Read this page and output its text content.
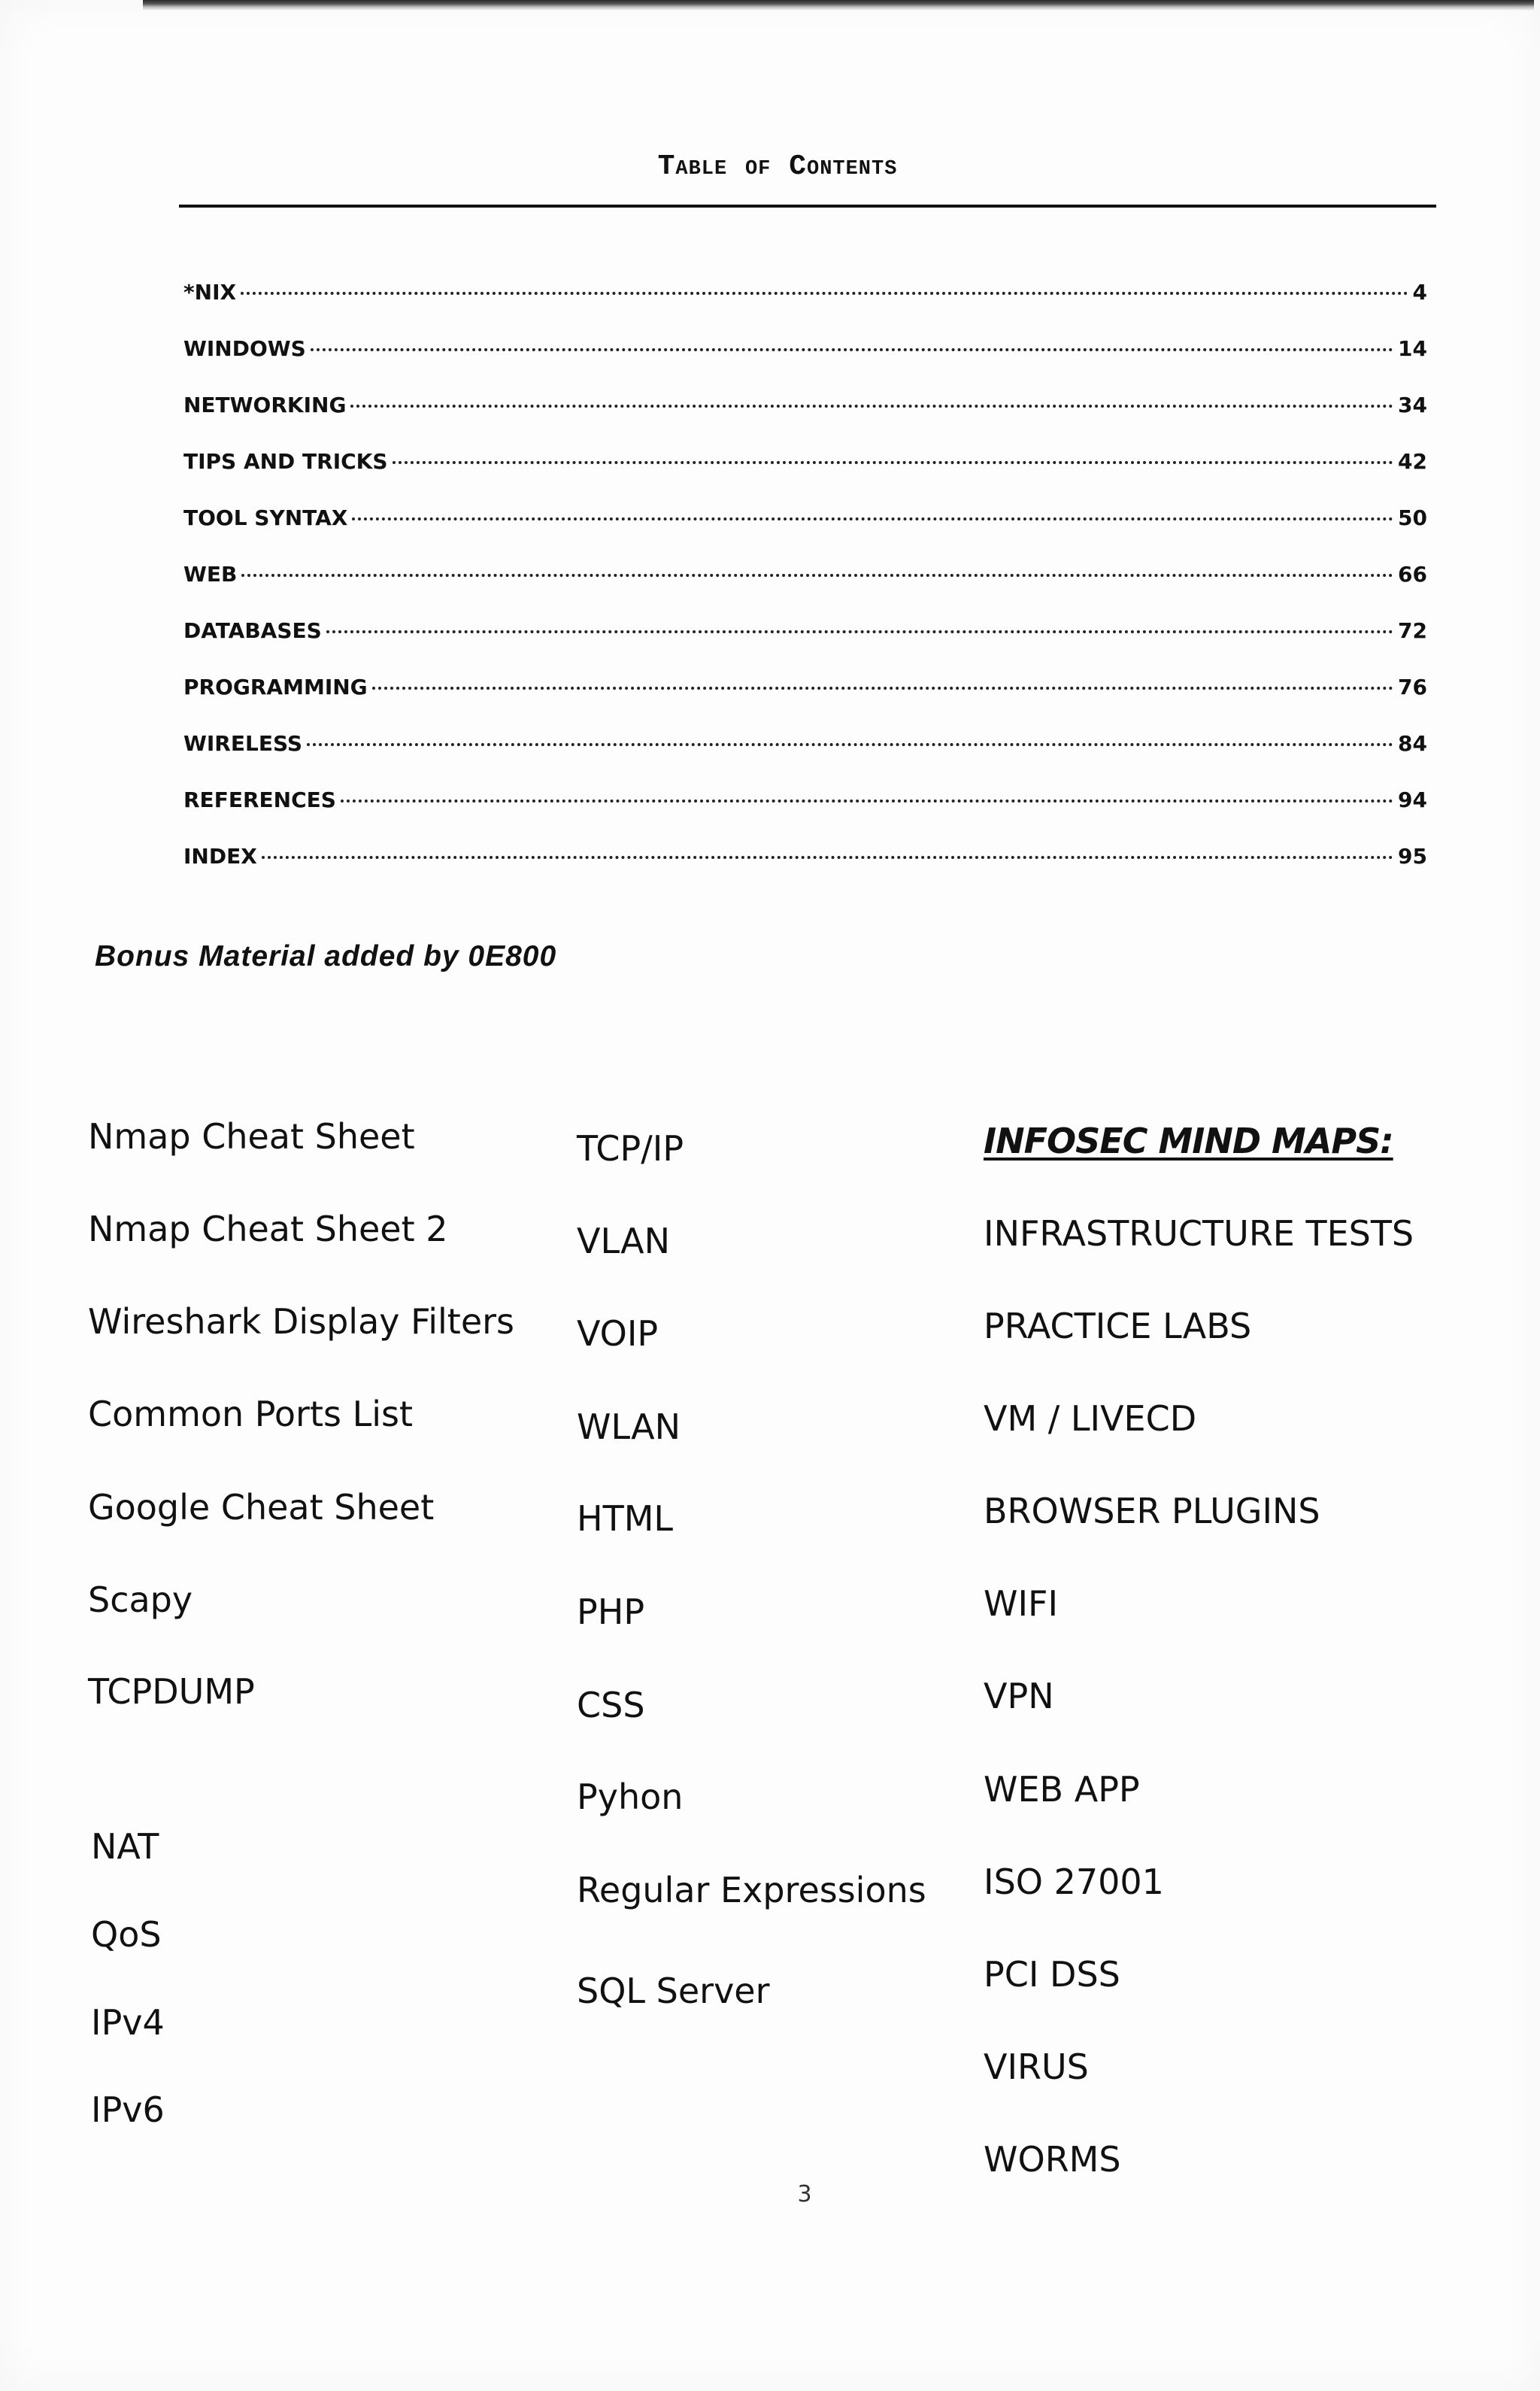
Table of Contents
*NIX	4
WINDOWS	14
NETWORKING	34
TIPS AND TRICKS	42
TOOL SYNTAX	50
WEB	66
DATABASES	72
PROGRAMMING	76
WIRELESS	84
REFERENCES	94
INDEX	95
Bonus Material added by 0E800
Nmap Cheat Sheet
Nmap Cheat Sheet 2
Wireshark Display Filters
Common Ports List
Google Cheat Sheet
Scapy
TCPDUMP
NAT
QoS
IPv4
IPv6
TCP/IP
VLAN
VOIP
WLAN
HTML
PHP
CSS
Pyhon
Regular Expressions
SQL Server
INFOSEC MIND MAPS:
INFRASTRUCTURE TESTS
PRACTICE LABS
VM / LIVECD
BROWSER PLUGINS
WIFI
VPN
WEB APP
ISO 27001
PCI DSS
VIRUS
WORMS
3
